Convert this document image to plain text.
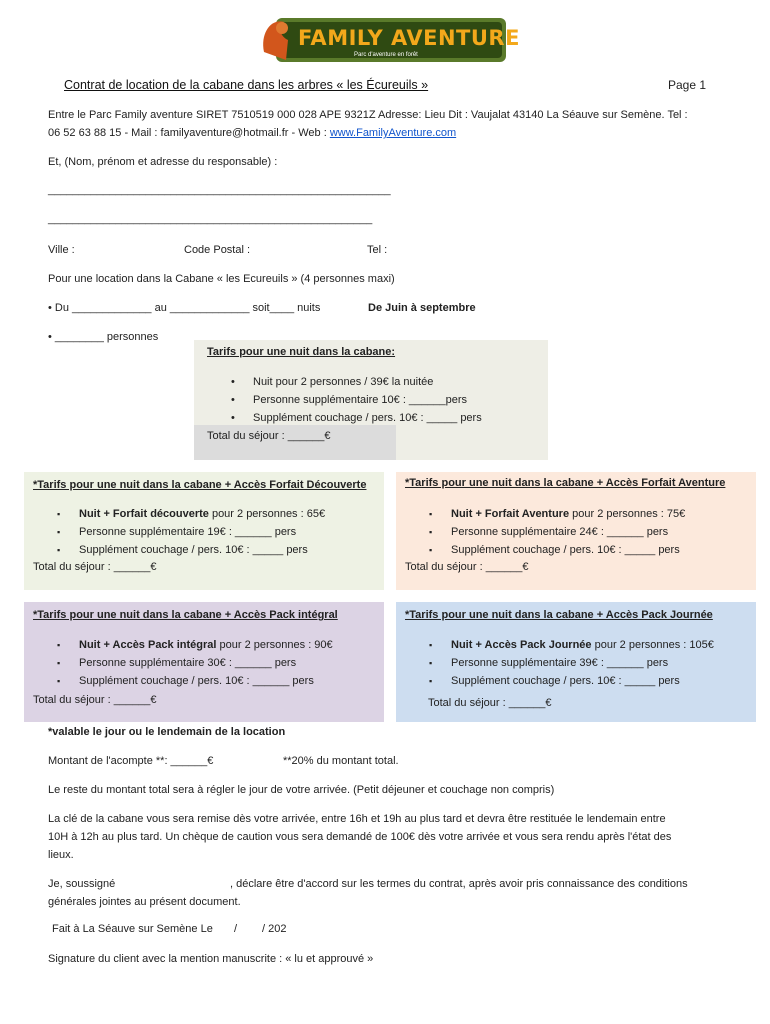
FAMILY AVENTURE
Parc d'aventure en forêt
Contrat de location de la cabane dans les arbres « les Écureuils »	Page 1
Entre le Parc Family aventure SIRET 7510519 000 028 APE 9321Z Adresse: Lieu Dit : Vaujalat 43140 La Séauve sur Semène. Tel :
06 52 63 88 15 - Mail : familyaventure@hotmail.fr - Web : www.FamilyAventure.com
Et, (Nom, prénom et adresse du responsable) :
________________________________________________________
_____________________________________________________
Ville :	Code Postal :	Tel :
Pour une location dans la Cabane « les Ecureuils » (4 personnes maxi)
• Du _____________ au _____________ soit____ nuits	De Juin à septembre
• ________ personnes
Tarifs pour une nuit dans la cabane:
• Nuit pour 2 personnes / 39€ la nuitée
• Personne supplémentaire 10€ : ______pers
• Supplément couchage / pers. 10€ : _____ pers
Total du séjour : ______€
*Tarifs pour une nuit dans la cabane + Accès Forfait Découverte
▪ Nuit + Forfait découverte pour 2 personnes : 65€
▪ Personne supplémentaire 19€ : ______ pers
▪ Supplément couchage / pers. 10€ : _____ pers
Total du séjour : ______€
*Tarifs pour une nuit dans la cabane + Accès Forfait Aventure
▪ Nuit + Forfait Aventure pour 2 personnes : 75€
▪ Personne supplémentaire 24€ : ______ pers
▪ Supplément couchage / pers. 10€ : _____ pers
Total du séjour : ______€
*Tarifs pour une nuit dans la cabane + Accès Pack intégral
▪ Nuit + Accès Pack intégral pour 2 personnes : 90€
▪ Personne supplémentaire 30€ : ______ pers
▪ Supplément couchage / pers. 10€ : ______ pers
Total du séjour : ______€
*Tarifs pour une nuit dans la cabane + Accès Pack Journée
▪ Nuit + Accès Pack Journée pour 2 personnes : 105€
▪ Personne supplémentaire 39€ : ______ pers
▪ Supplément couchage / pers. 10€ : _____ pers
Total du séjour : ______€
*valable le jour ou le lendemain de la location
Montant de l'acompte **: ______€	**20% du montant total.
Le reste du montant total sera à régler le jour de votre arrivée. (Petit déjeuner et couchage non compris)
La clé de la cabane vous sera remise dès votre arrivée, entre 16h et 19h au plus tard et devra être restituée le lendemain entre
10H à 12h au plus tard. Un chèque de caution vous sera demandé de 100€ dès votre arrivée et vous sera rendu après l'état des
lieux.
Je, soussigné	, déclare être d'accord sur les termes du contrat, après avoir pris connaissance des conditions
générales jointes au présent document.
Fait à La Séauve sur Semène Le / / 202
Signature du client avec la mention manuscrite : « lu et approuvé »
